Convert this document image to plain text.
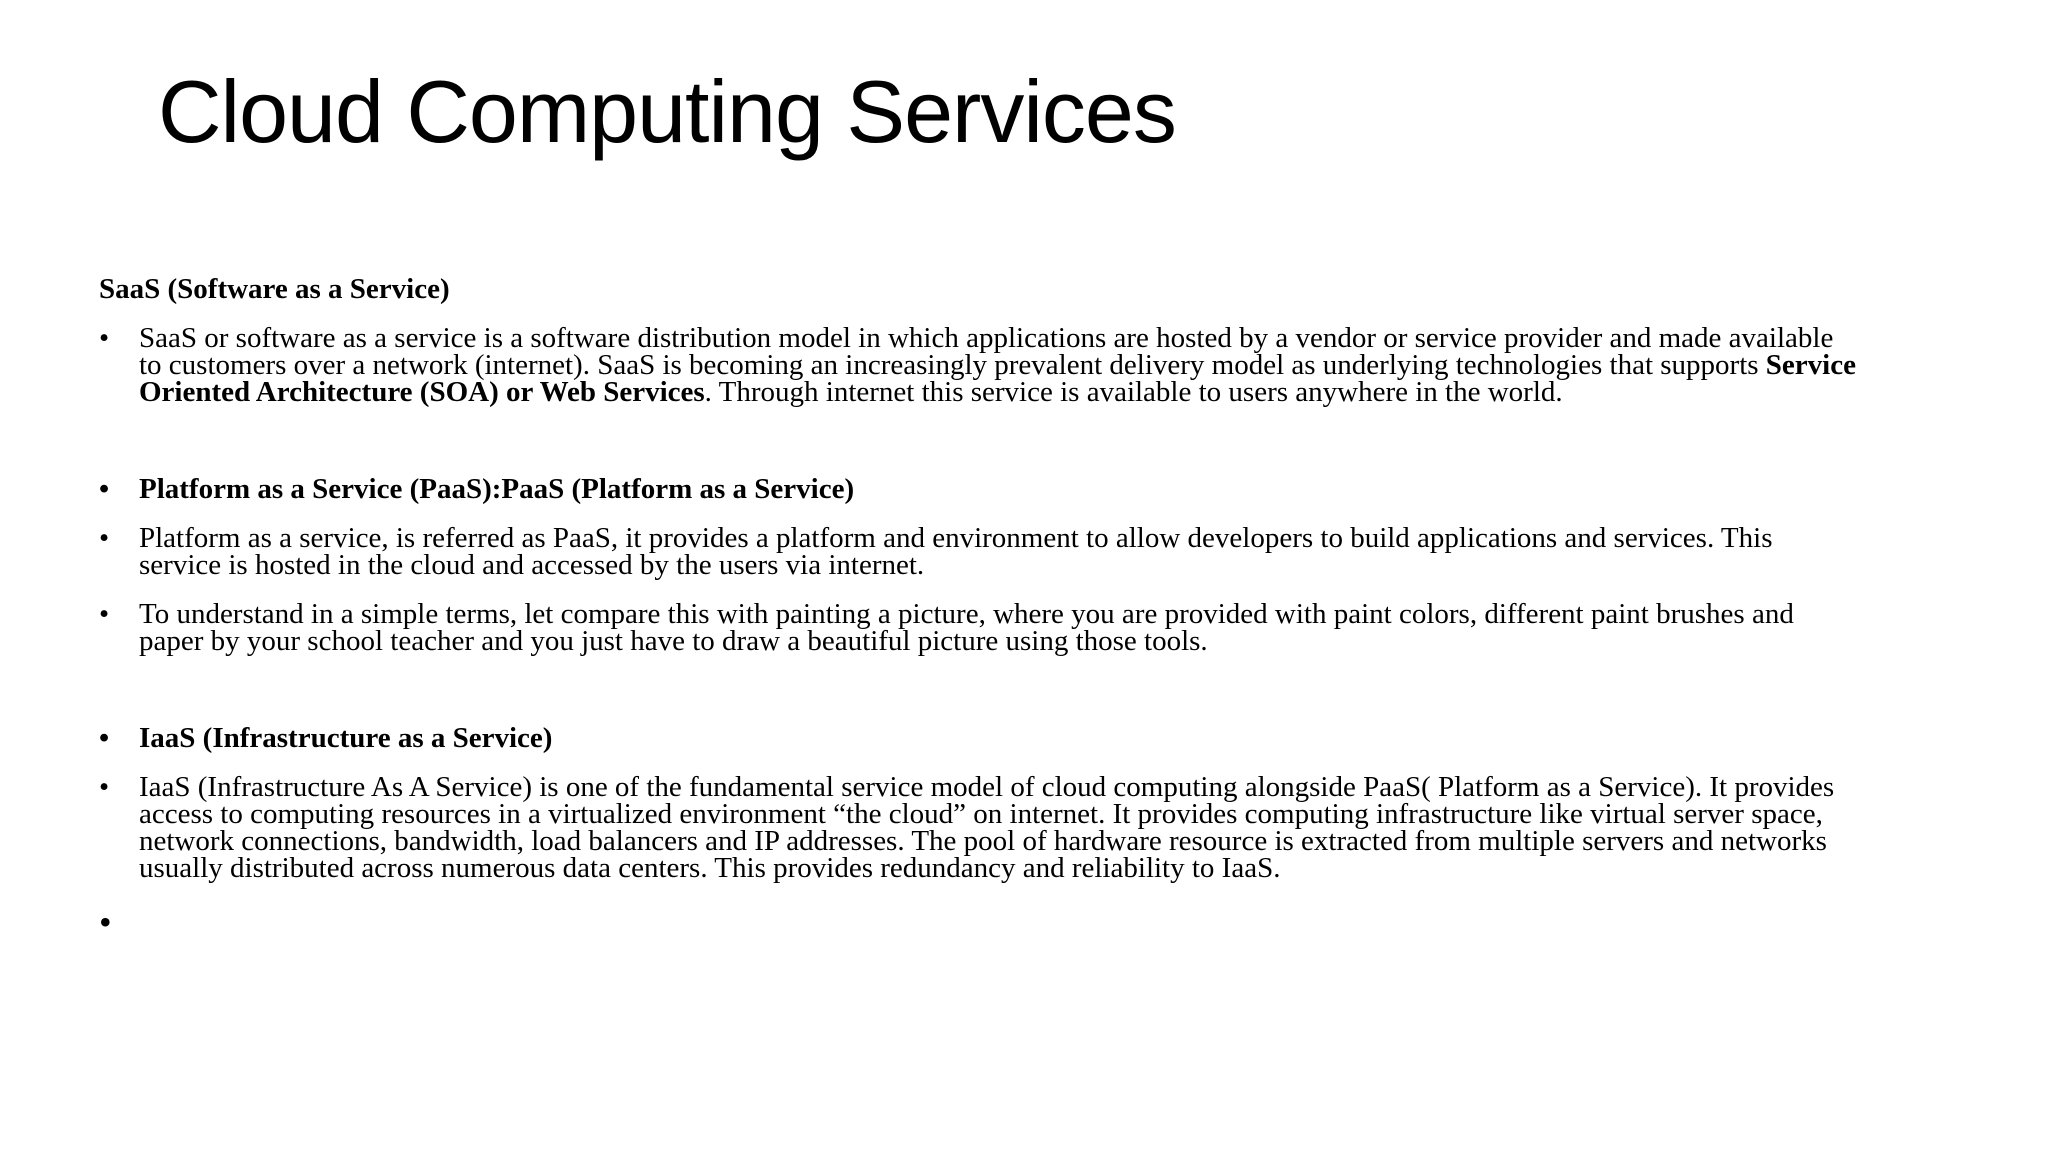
Cloud Computing Services
SaaS (Software as a Service)
• SaaS or software as a service is a software distribution model in which applications are hosted by a vendor or service provider and made available to customers over a network (internet). SaaS is becoming an increasingly prevalent delivery model as underlying technologies that supports Service Oriented Architecture (SOA) or Web Services. Through internet this service is available to users anywhere in the world.
• Platform as a Service (PaaS):PaaS (Platform as a Service)
• Platform as a service, is referred as PaaS, it provides a platform and environment to allow developers to build applications and services. This service is hosted in the cloud and accessed by the users via internet.
• To understand in a simple terms, let compare this with painting a picture, where you are provided with paint colors, different paint brushes and paper by your school teacher and you just have to draw a beautiful picture using those tools.
• IaaS (Infrastructure as a Service)
• IaaS (Infrastructure As A Service) is one of the fundamental service model of cloud computing alongside PaaS( Platform as a Service). It provides access to computing resources in a virtualized environment “the cloud” on internet. It provides computing infrastructure like virtual server space, network connections, bandwidth, load balancers and IP addresses. The pool of hardware resource is extracted from multiple servers and networks usually distributed across numerous data centers. This provides redundancy and reliability to IaaS.
•
